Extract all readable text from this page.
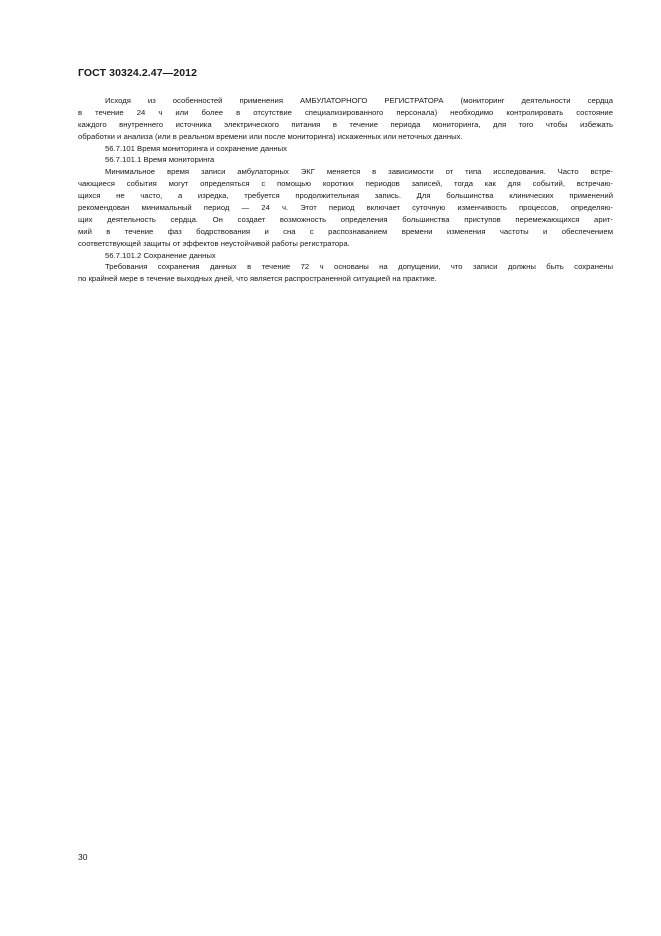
ГОСТ 30324.2.47—2012
Исходя из особенностей применения АМБУЛАТОРНОГО РЕГИСТРАТОРА (мониторинг деятельности сердца
в течение 24 ч или более в отсутствие специализированного персонала) необходимо контролировать состояние
каждого внутреннего источника электрического питания в течение периода мониторинга, для того чтобы избежать
обработки и анализа (или в реальном времени или после мониторинга) искаженных или неточных данных.
56.7.101 Время мониторинга и сохранение данных
56.7.101.1 Время мониторинга
Минимальное время записи амбулаторных ЭКГ меняется в зависимости от типа исследования. Часто встре-
чающиеся события могут определяться с помощью коротких периодов записей, тогда как для событий, встречаю-
щихся не часто, а изредка, требуется продолжительная запись. Для большинства клинических применений
рекомендован минимальный период — 24 ч. Этот период включает суточную изменчивость процессов, определяю-
щих деятельность сердца. Он создает возможность определения большинства приступов перемежающихся арит-
мий в течение фаз бодрствования и сна с распознаванием времени изменения частоты и обеспечением
соответствующей защиты от эффектов неустойчивой работы регистратора.
56.7.101.2 Сохранение данных
Требования сохранения данных в течение 72 ч основаны на допущении, что записи должны быть сохранены
по крайней мере в течение выходных дней, что является распространенной ситуацией на практике.
30
